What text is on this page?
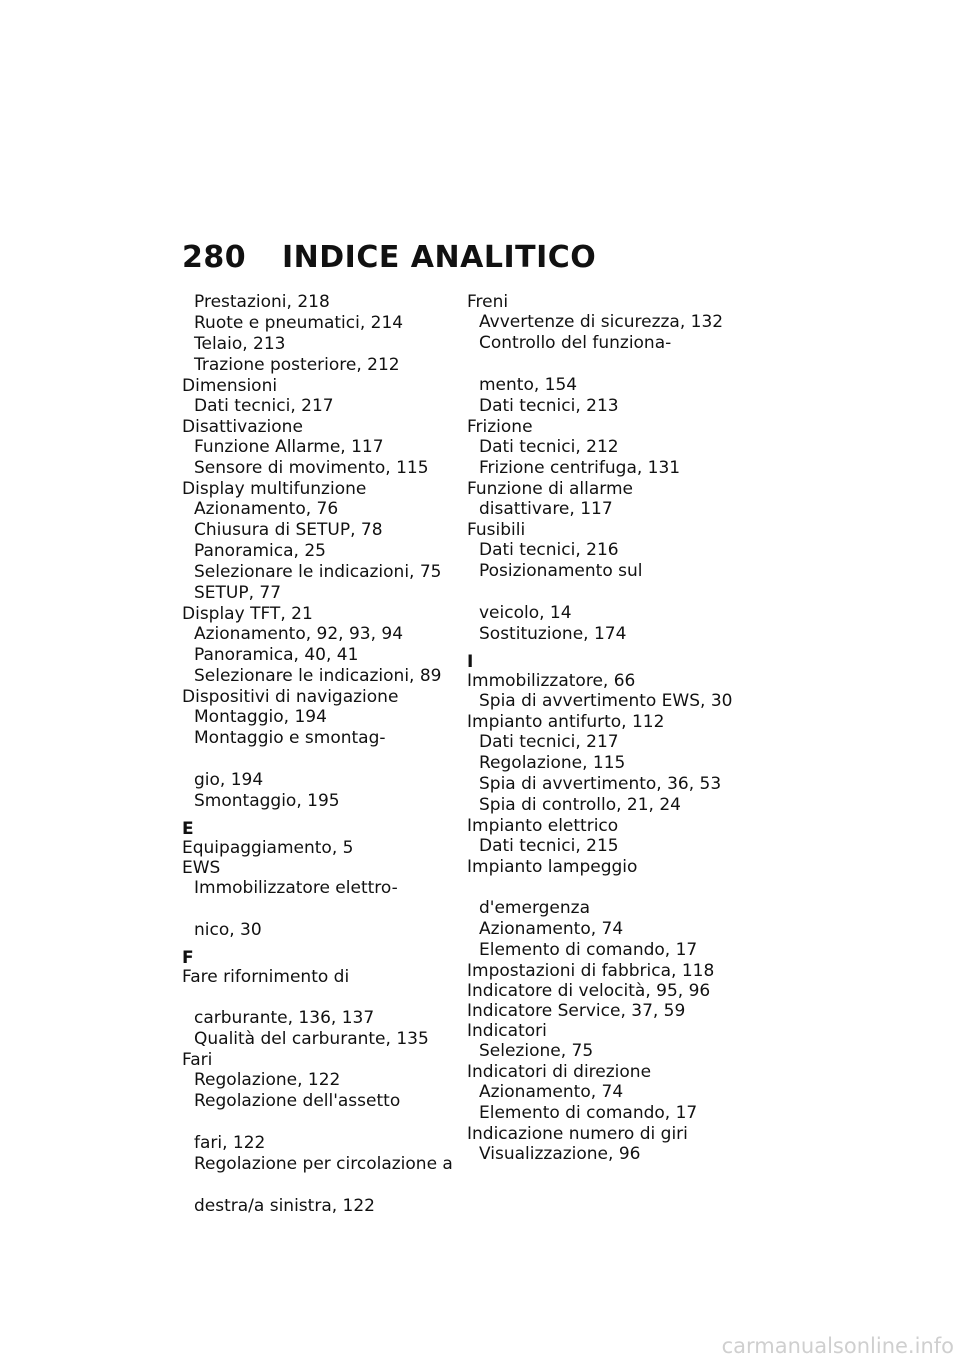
280 INDICE ANALITICO
Prestazioni, 218
Ruote e pneumatici, 214
Telaio, 213
Trazione posteriore, 212
Dimensioni
Dati tecnici, 217
Disattivazione
Funzione Allarme, 117
Sensore di movimento, 115
Display multifunzione
Azionamento, 76
Chiusura di SETUP, 78
Panoramica, 25
Selezionare le indicazioni, 75
SETUP, 77
Display TFT, 21
Azionamento, 92, 93, 94
Panoramica, 40, 41
Selezionare le indicazioni, 89
Dispositivi di navigazione
Montaggio, 194
Montaggio e smontag-
gio, 194
Smontaggio, 195
E
Equipaggiamento, 5
EWS
Immobilizzatore elettro-
nico, 30
F
Fare rifornimento di
carburante, 136, 137
Qualità del carburante, 135
Fari
Regolazione, 122
Regolazione dell'assetto
fari, 122
Regolazione per circolazione a
destra/a sinistra, 122
Freni
Avvertenze di sicurezza, 132
Controllo del funziona-
mento, 154
Dati tecnici, 213
Frizione
Dati tecnici, 212
Frizione centrifuga, 131
Funzione di allarme
disattivare, 117
Fusibili
Dati tecnici, 216
Posizionamento sul
veicolo, 14
Sostituzione, 174
I
Immobilizzatore, 66
Spia di avvertimento EWS, 30
Impianto antifurto, 112
Dati tecnici, 217
Regolazione, 115
Spia di avvertimento, 36, 53
Spia di controllo, 21, 24
Impianto elettrico
Dati tecnici, 215
Impianto lampeggio
d'emergenza
Azionamento, 74
Elemento di comando, 17
Impostazioni di fabbrica, 118
Indicatore di velocità, 95, 96
Indicatore Service, 37, 59
Indicatori
Selezione, 75
Indicatori di direzione
Azionamento, 74
Elemento di comando, 17
Indicazione numero di giri
Visualizzazione, 96
carmanualsonline.info
